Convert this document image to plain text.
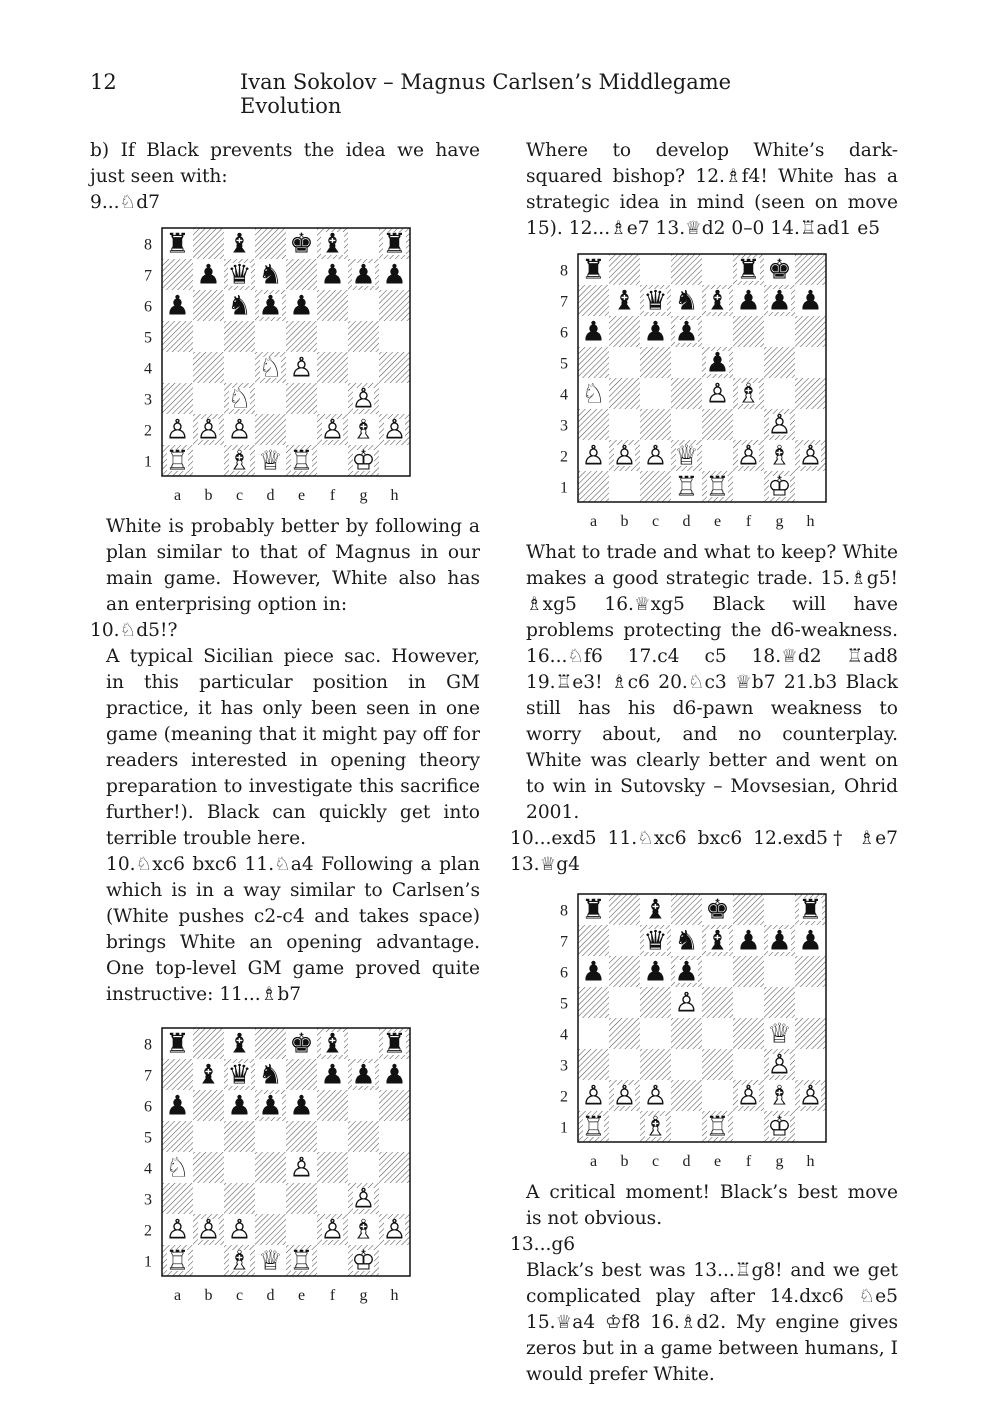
12	Ivan Sokolov – Magnus Carlsen’s Middlegame Evolution

b) If Black prevents the idea we have just seen with:

9...♘d7

♜ ♝ ♚ ♝ ♜
♟ ♛ ♞ ♟ ♟ ♟
♟ ♞ ♟ ♟
♘ ♙
♘	♙
♙ ♙ ♙	♙ ♗ ♙
♖ ♗ ♕ ♖ ♔
8
7
6
5
4
3
2
1
a b c d e f g h

White is probably better by following a plan similar to that of Magnus in our main game. However, White also has an enterprising option in:

10.♘d5!?

A typical Sicilian piece sac. However, in this particular position in GM practice, it has only been seen in one game (meaning that it might pay off for readers interested in opening theory preparation to investigate this sacrifice further!). Black can quickly get into terrible trouble here.

10.♘xc6 bxc6 11.♘a4 Following a plan which is in a way similar to Carlsen’s (White pushes c2-c4 and takes space) brings White an opening advantage. One top-level GM game proved quite instructive: 11...♗b7

♜ ♝ ♚ ♝ ♜
♝ ♛ ♞ ♟ ♟ ♟
♟ ♟ ♟ ♟
♘	♙
♙
♙ ♙ ♙	♙ ♗ ♙
♖ ♗ ♕ ♖ ♔
8
7
6
5
4
3
2
1
a b c d e f g h

Where to develop White’s dark-squared bishop? 12.♗f4! White has a strategic idea in mind (seen on move 15). 12...♗e7 13.♕d2 0–0 14.♖ad1 e5

♜	♜ ♚
♝ ♛ ♞ ♝ ♟ ♟ ♟
♟ ♟ ♟
♟
♘	♙ ♗
♙
♙ ♙ ♙ ♕ ♙ ♗ ♙
♖ ♖ ♔
8
7
6
5
4
3
2
1
a b c d e f g h

What to trade and what to keep? White makes a good strategic trade. 15.♗g5! ♗xg5 16.♕xg5 Black will have problems protecting the d6-weakness. 16...♘f6 17.c4 c5 18.♕d2 ♖ad8 19.♖e3! ♗c6 20.♘c3 ♕b7 21.b3 Black still has his d6-pawn weakness to worry about, and no counterplay. White was clearly better and went on to win in Sutovsky – Movsesian, Ohrid 2001.

10...exd5 11.♘xc6 bxc6 12.exd5† ♗e7 13.♕g4

♜ ♝ ♚	♜
♛ ♞ ♝ ♟ ♟ ♟
♟ ♟ ♟
♙
♕
♙
♙ ♙ ♙	♙ ♗ ♙
♖ ♗ ♖ ♔
8
7
6
5
4
3
2
1
a b c d e f g h

A critical moment! Black’s best move is not obvious.

13...g6

Black’s best was 13...♖g8! and we get complicated play after 14.dxc6 ♘e5 15.♕a4 ♔f8 16.♗d2. My engine gives zeros but in a game between humans, I would prefer White.
